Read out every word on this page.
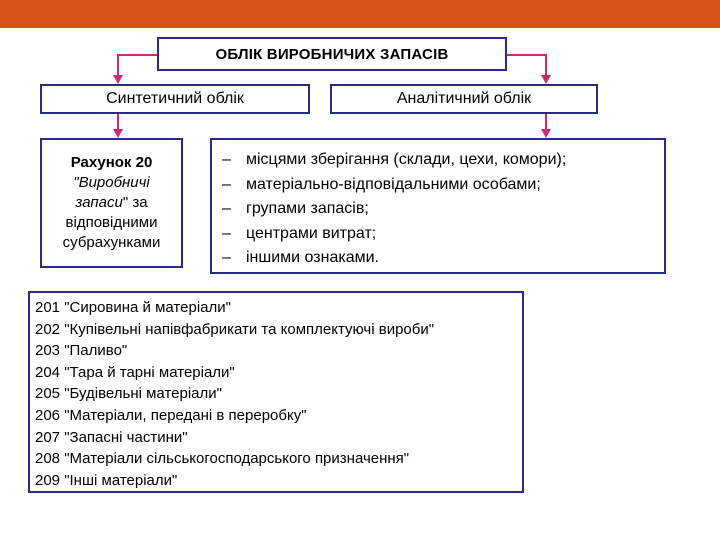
ОБЛІК ВИРОБНИЧИХ ЗАПАСІВ
Синтетичний облік	Аналітичний облік
Рахунок 20
"Виробничі
запаси" за
відповідними
субрахунками
– місцями зберігання (склади, цехи, комори);
– матеріально-відповідальними особами;
– групами запасів;
– центрами витрат;
– іншими ознаками.
201 "Сировина й матеріали"
202 "Купівельні напівфабрикати та комплектуючі вироби"
203 "Паливо"
204 "Тара й тарні матеріали"
205 "Будівельні матеріали"
206 "Матеріали, передані в переробку"
207 "Запасні частини"
208 "Матеріали сільськогосподарського призначення"
209 "Інші матеріали"
